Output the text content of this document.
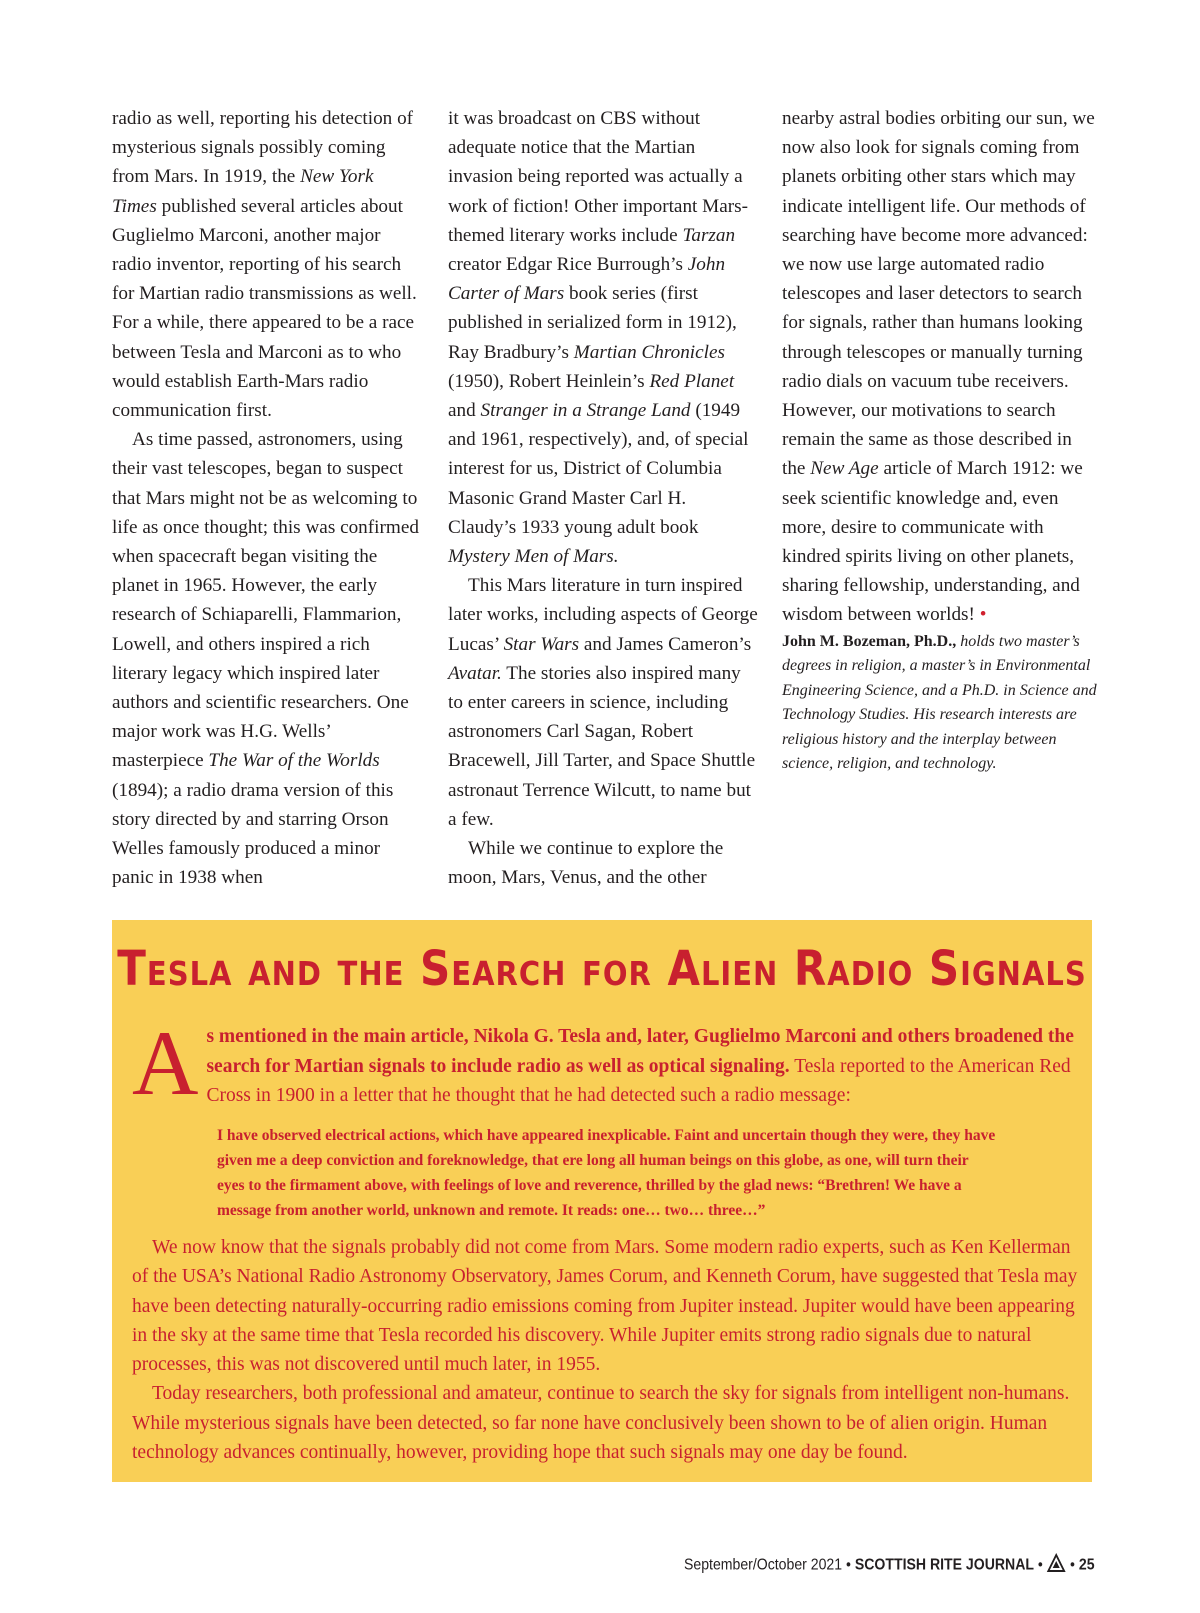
radio as well, reporting his detection of mysterious signals possibly coming from Mars. In 1919, the New York Times published several articles about Guglielmo Marconi, another major radio inventor, reporting of his search for Martian radio transmissions as well. For a while, there appeared to be a race between Tesla and Marconi as to who would establish Earth-Mars radio communication first.

As time passed, astronomers, using their vast telescopes, began to suspect that Mars might not be as welcoming to life as once thought; this was confirmed when spacecraft began visiting the planet in 1965. However, the early research of Schiaparelli, Flammarion, Lowell, and others inspired a rich literary legacy which inspired later authors and scientific researchers. One major work was H.G. Wells’ masterpiece The War of the Worlds (1894); a radio drama version of this story directed by and starring Orson Welles famously produced a minor panic in 1938 when

it was broadcast on CBS without adequate notice that the Martian invasion being reported was actually a work of fiction! Other important Mars-themed literary works include Tarzan creator Edgar Rice Burrough’s John Carter of Mars book series (first published in serialized form in 1912), Ray Bradbury’s Martian Chronicles (1950), Robert Heinlein’s Red Planet and Stranger in a Strange Land (1949 and 1961, respectively), and, of special interest for us, District of Columbia Masonic Grand Master Carl H. Claudy’s 1933 young adult book Mystery Men of Mars.

This Mars literature in turn inspired later works, including aspects of George Lucas’ Star Wars and James Cameron’s Avatar. The stories also inspired many to enter careers in science, including astronomers Carl Sagan, Robert Bracewell, Jill Tarter, and Space Shuttle astronaut Terrence Wilcutt, to name but a few.

While we continue to explore the moon, Mars, Venus, and the other

nearby astral bodies orbiting our sun, we now also look for signals coming from planets orbiting other stars which may indicate intelligent life. Our methods of searching have become more advanced: we now use large automated radio telescopes and laser detectors to search for signals, rather than humans looking through telescopes or manually turning radio dials on vacuum tube receivers. However, our motivations to search remain the same as those described in the New Age article of March 1912: we seek scientific knowledge and, even more, desire to communicate with kindred spirits living on other planets, sharing fellowship, understanding, and wisdom between worlds! •

John M. Bozeman, Ph.D., holds two master’s degrees in religion, a master’s in Environmental Engineering Science, and a Ph.D. in Science and Technology Studies. His research interests are religious history and the interplay between science, religion, and technology.

Tesla and the Search for Alien Radio Signals
As mentioned in the main article, Nikola G. Tesla and, later, Guglielmo Marconi and others broadened the search for Martian signals to include radio as well as optical signaling. Tesla reported to the American Red Cross in 1900 in a letter that he thought that he had detected such a radio message:
I have observed electrical actions, which have appeared inexplicable. Faint and uncertain though they were, they have given me a deep conviction and foreknowledge, that ere long all human beings on this globe, as one, will turn their eyes to the firmament above, with feelings of love and reverence, thrilled by the glad news: “Brethren! We have a message from another world, unknown and remote. It reads: one… two… three…”

We now know that the signals probably did not come from Mars. Some modern radio experts, such as Ken Kellerman of the USA’s National Radio Astronomy Observatory, James Corum, and Kenneth Corum, have suggested that Tesla may have been detecting naturally-occurring radio emissions coming from Jupiter instead. Jupiter would have been appearing in the sky at the same time that Tesla recorded his discovery. While Jupiter emits strong radio signals due to natural processes, this was not discovered until much later, in 1955.

Today researchers, both professional and amateur, continue to search the sky for signals from intelligent non-humans. While mysterious signals have been detected, so far none have conclusively been shown to be of alien origin. Human technology advances continually, however, providing hope that such signals may one day be found.

September/October 2021 • SCOTTISH RITE JOURNAL •  • 25
